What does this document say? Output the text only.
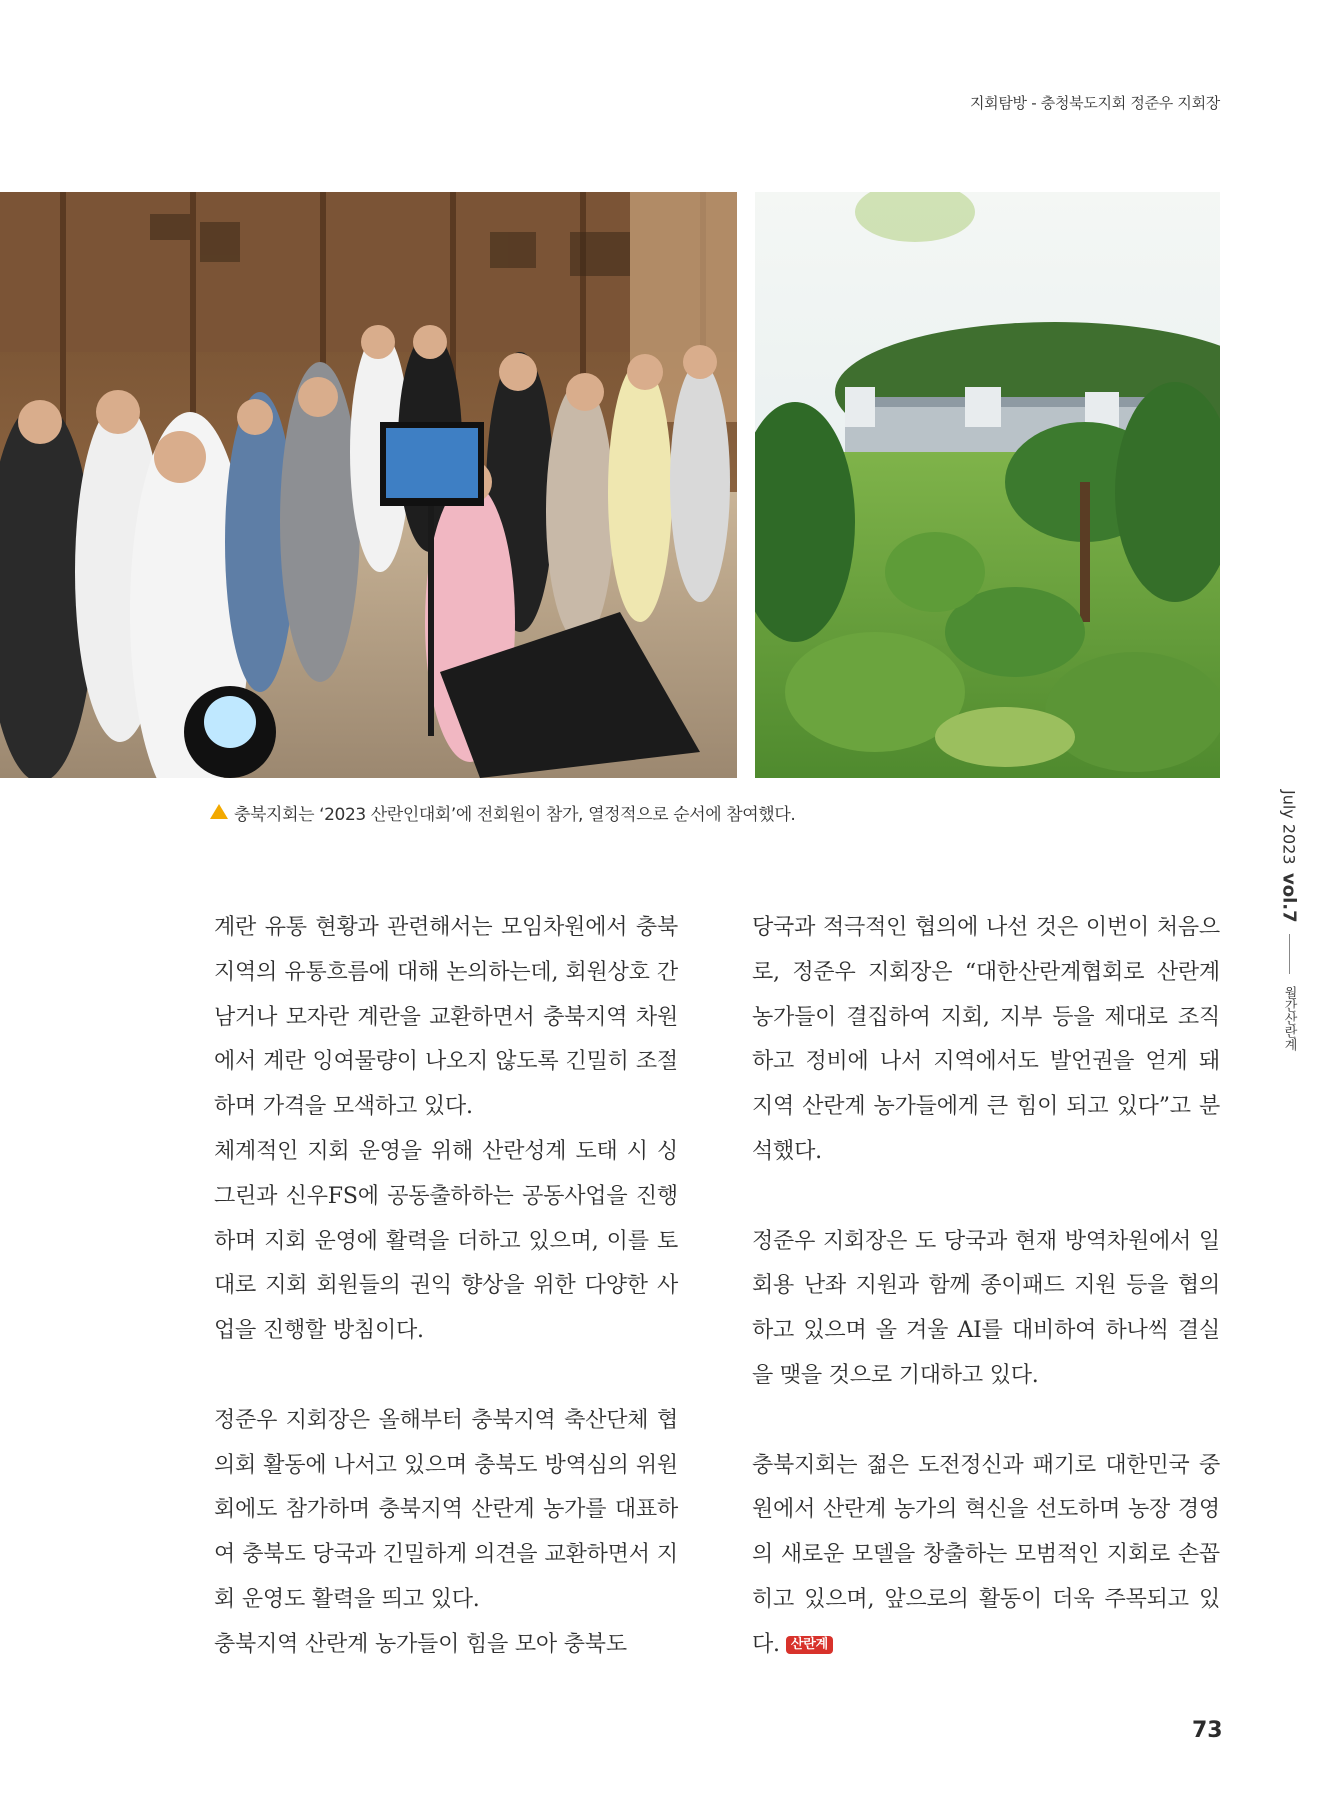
지회탐방 - 충청북도지회 정준우 지회장
충북지회는 ‘2023 산란인대회’에 전회원이 참가, 열정적으로 순서에 참여했다.	July 2023
vol.7
월간산란계

계란 유통 현황과 관련해서는 모임차원에서 충북지역의 유통흐름에 대해 논의하는데, 회원상호 간 남거나 모자란 계란을 교환하면서 충북지역 차원에서 계란 잉여물량이 나오지 않도록 긴밀히 조절하며 가격을 모색하고 있다.

체계적인 지회 운영을 위해 산란성계 도태 시 싱그린과 신우FS에 공동출하하는 공동사업을 진행하며 지회 운영에 활력을 더하고 있으며, 이를 토대로 지회 회원들의 권익 향상을 위한 다양한 사업을 진행할 방침이다.

정준우 지회장은 올해부터 충북지역 축산단체 협의회 활동에 나서고 있으며 충북도 방역심의 위원회에도 참가하며 충북지역 산란계 농가를 대표하여 충북도 당국과 긴밀하게 의견을 교환하면서 지회 운영도 활력을 띄고 있다.

충북지역 산란계 농가들이 힘을 모아 충북도

당국과 적극적인 협의에 나선 것은 이번이 처음으로, 정준우 지회장은 “대한산란계협회로 산란계 농가들이 결집하여 지회, 지부 등을 제대로 조직하고 정비에 나서 지역에서도 발언권을 얻게 돼 지역 산란계 농가들에게 큰 힘이 되고 있다”고 분석했다.

정준우 지회장은 도 당국과 현재 방역차원에서 일회용 난좌 지원과 함께 종이패드 지원 등을 협의하고 있으며 올 겨울 AI를 대비하여 하나씩 결실을 맺을 것으로 기대하고 있다.

충북지회는 젊은 도전정신과 패기로 대한민국 중원에서 산란계 농가의 혁신을 선도하며 농장 경영의 새로운 모델을 창출하는 모범적인 지회로 손꼽히고 있으며, 앞으로의 활동이 더욱 주목되고 있다. 산란계

73
